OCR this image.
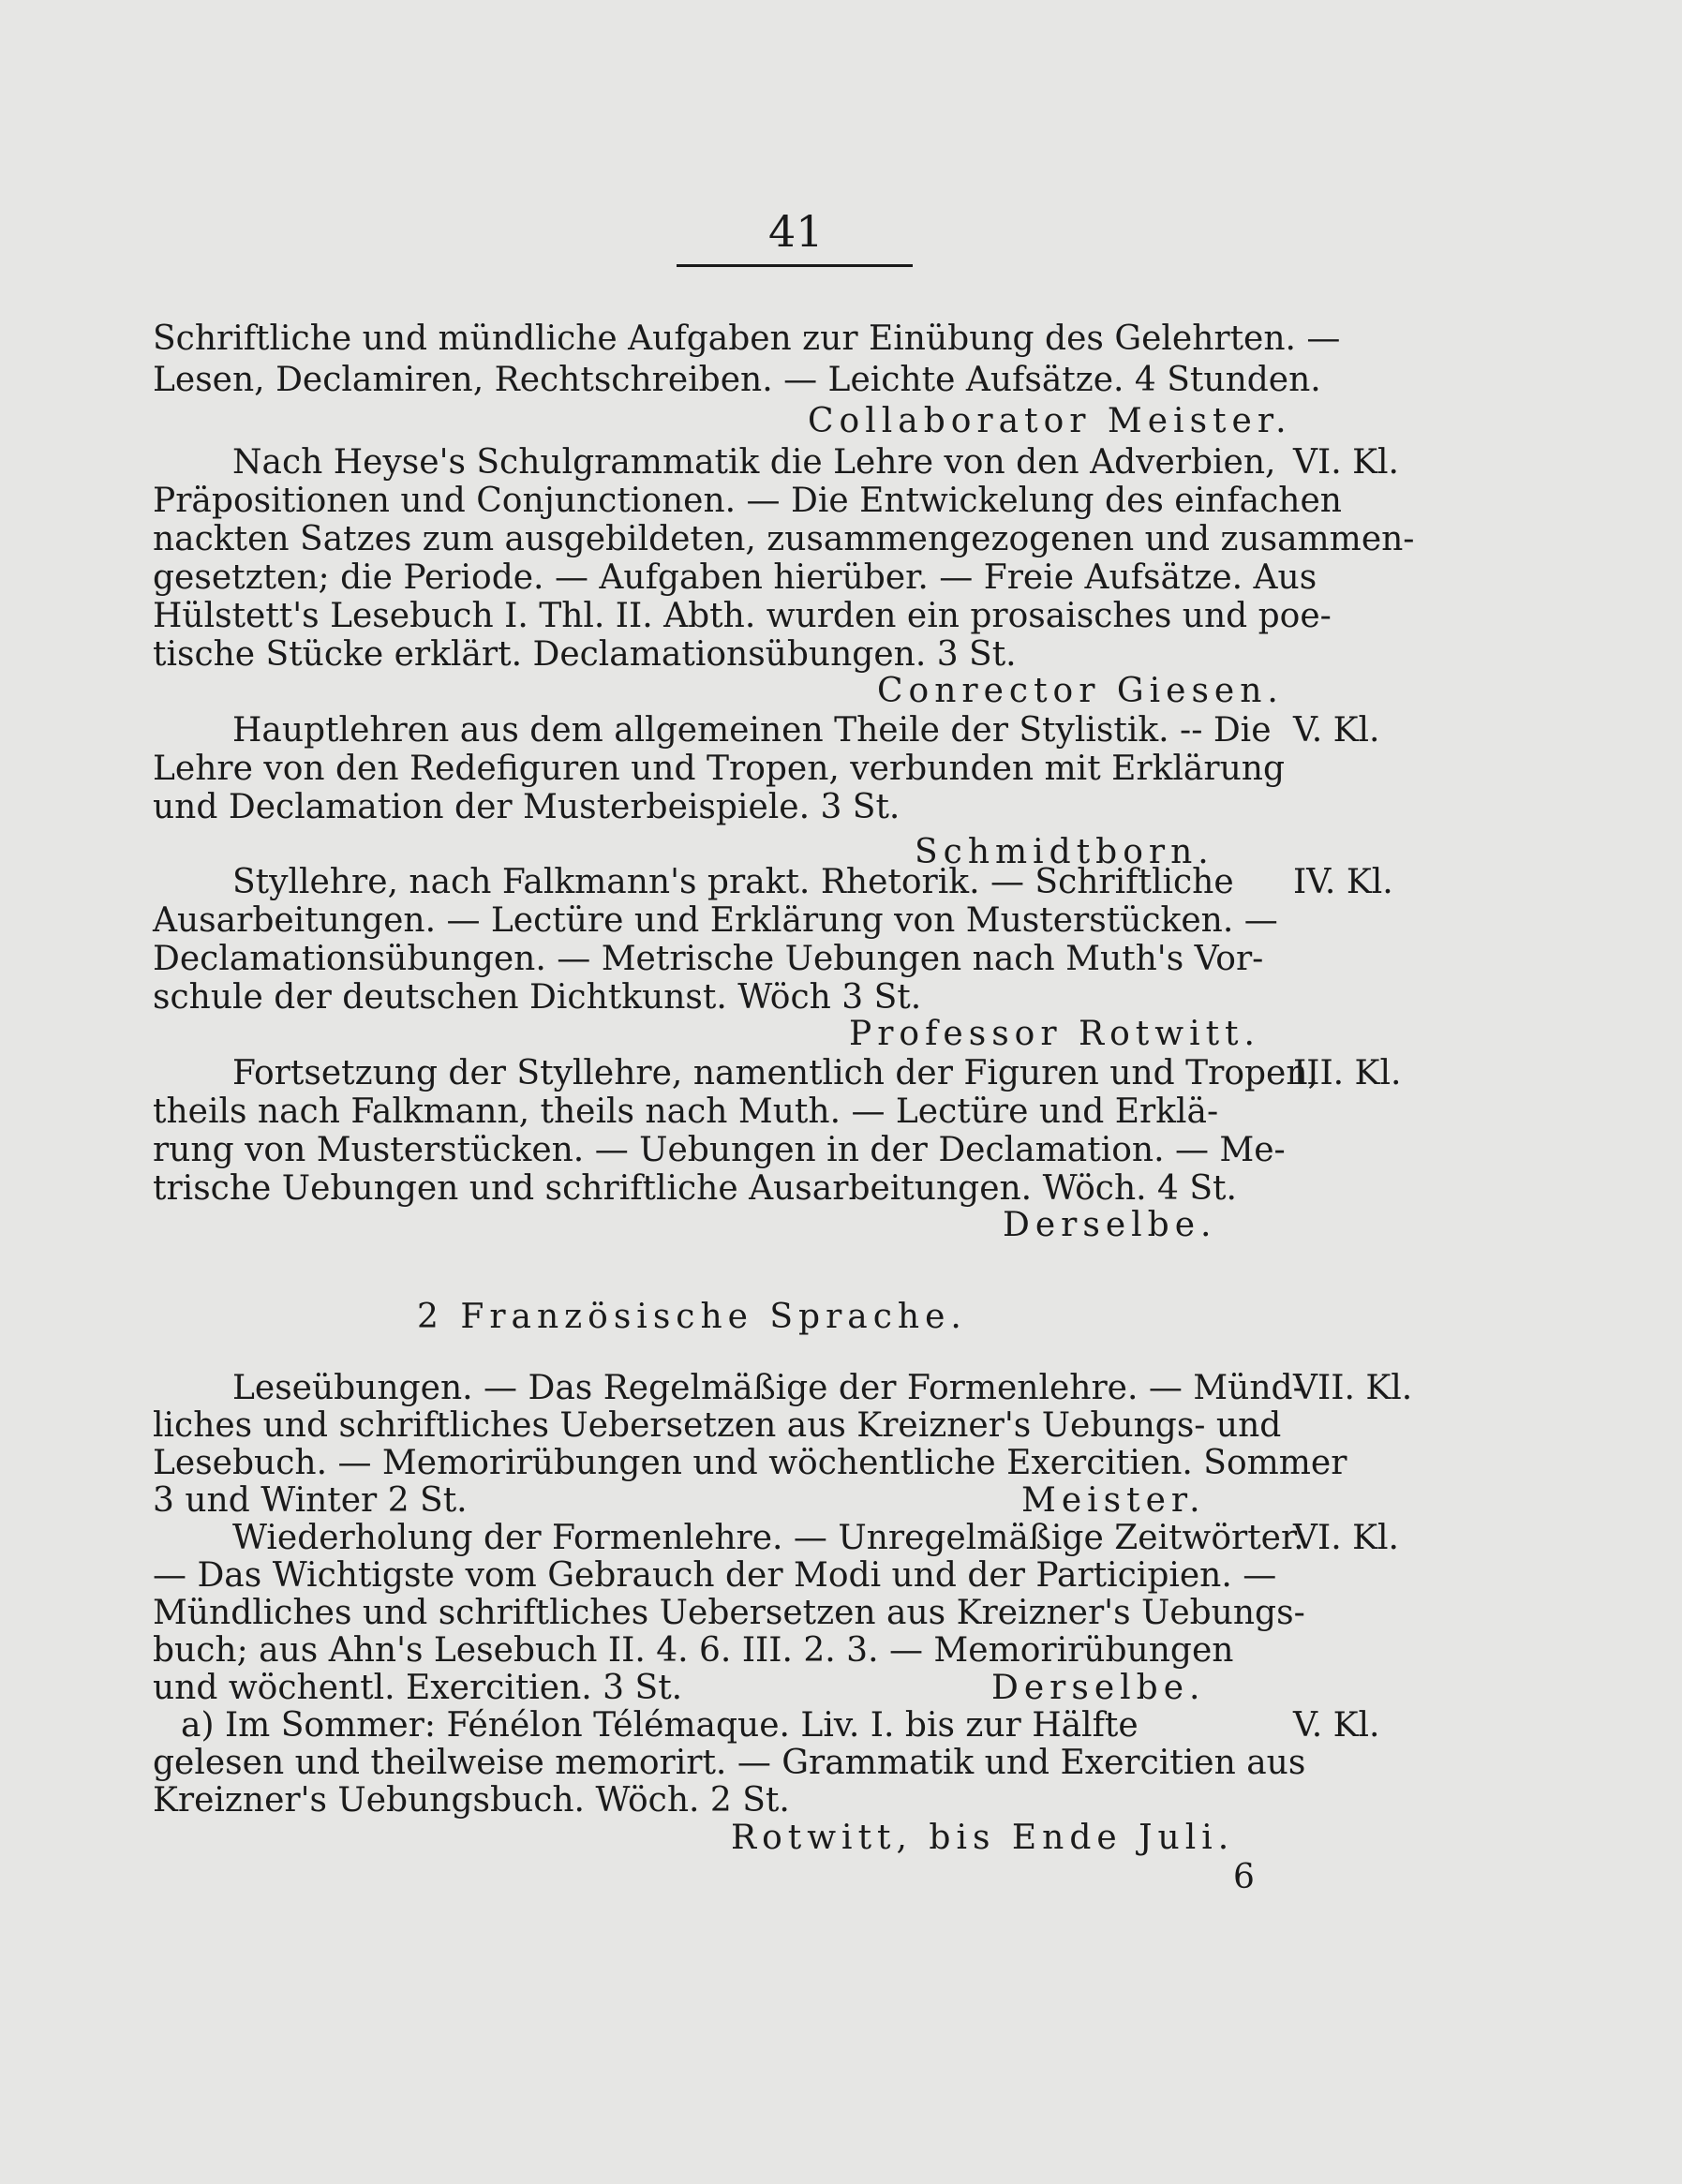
41
Schriftliche und mündliche Aufgaben zur Einübung des Gelehrten. —
Lesen, Declamiren, Rechtschreiben. — Leichte Aufsätze. 4 Stunden.
Collaborator Meister.
Nach Heyse's Schulgrammatik die Lehre von den Adverbien, VI. Kl.
Präpositionen und Conjunctionen. — Die Entwickelung des einfachen
nackten Satzes zum ausgebildeten, zusammengezogenen und zusammen-
gesetzten; die Periode. — Aufgaben hierüber. — Freie Aufsätze. Aus
Hülstett's Lesebuch I. Thl. II. Abth. wurden ein prosaisches und poe-
tische Stücke erklärt. Declamationsübungen. 3 St.
Conrector Giesen.
Hauptlehren aus dem allgemeinen Theile der Stylistik. -- Die V. Kl.
Lehre von den Redefiguren und Tropen, verbunden mit Erklärung
und Declamation der Musterbeispiele. 3 St.
Schmidtborn.
Styllehre, nach Falkmann's prakt. Rhetorik. — Schriftliche IV. Kl.
Ausarbeitungen. — Lectüre und Erklärung von Musterstücken. —
Declamationsübungen. — Metrische Uebungen nach Muth's Vor-
schule der deutschen Dichtkunst. Wöch 3 St.
Professor Rotwitt.
Fortsetzung der Styllehre, namentlich der Figuren und Tropen,
III. Kl.
theils nach Falkmann, theils nach Muth. — Lectüre und Erklä-
rung von Musterstücken. — Uebungen in der Declamation. — Me-
trische Uebungen und schriftliche Ausarbeitungen. Wöch. 4 St.
Derselbe.
2 Französische Sprache.
Leseübungen. — Das Regelmäßige der Formenlehre. — Münd-
VII. Kl.
liches und schriftliches Uebersetzen aus Kreizner's Uebungs- und
Lesebuch. — Memorirübungen und wöchentliche Exercitien. Sommer
3 und Winter 2 St.	Meister.
Wiederholung der Formenlehre. — Unregelmäßige Zeitwörter.
VI. Kl.
— Das Wichtigste vom Gebrauch der Modi und der Participien. —
Mündliches und schriftliches Uebersetzen aus Kreizner's Uebungs-
buch; aus Ahn's Lesebuch II. 4. 6. III. 2. 3. — Memorirübungen
und wöchentl. Exercitien. 3 St.	Derselbe.
a) Im Sommer: Fénélon Télémaque. Liv. I. bis zur Hälfte	V. Kl.
gelesen und theilweise memorirt. — Grammatik und Exercitien aus
Kreizner's Uebungsbuch. Wöch. 2 St.
Rotwitt, bis Ende Juli.
6
